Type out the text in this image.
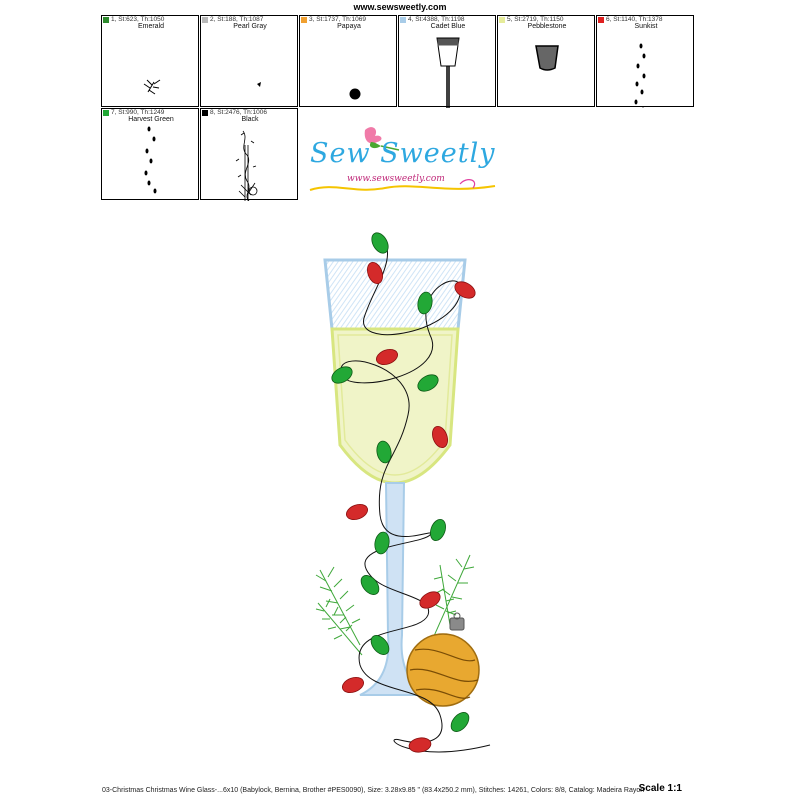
www.sewsweetly.com
1, St:623, Th:1050
Emerald
2, St:188, Th:1087
Pearl Gray
3, St:1737, Th:1069
Papaya
4, St:4388, Th:1198
Cadet Blue
5, St:2719, Th:1150
Pebblestone
6, St:1140, Th:1378
Sunkist
7, St:990, Th:1249
Harvest Green
8, St:2476, Th:1006
Black
Sew Sweetly
www.sewsweetly.com
03-Christmas Christmas Wine Glass-...6x10 (Babylock, Bernina, Brother #PES0090), Size: 3.28x9.85 " (83.4x250.2 mm), Stitches: 14261, Colors: 8/8, Catalog: Madeira Rayon
Scale 1:1
